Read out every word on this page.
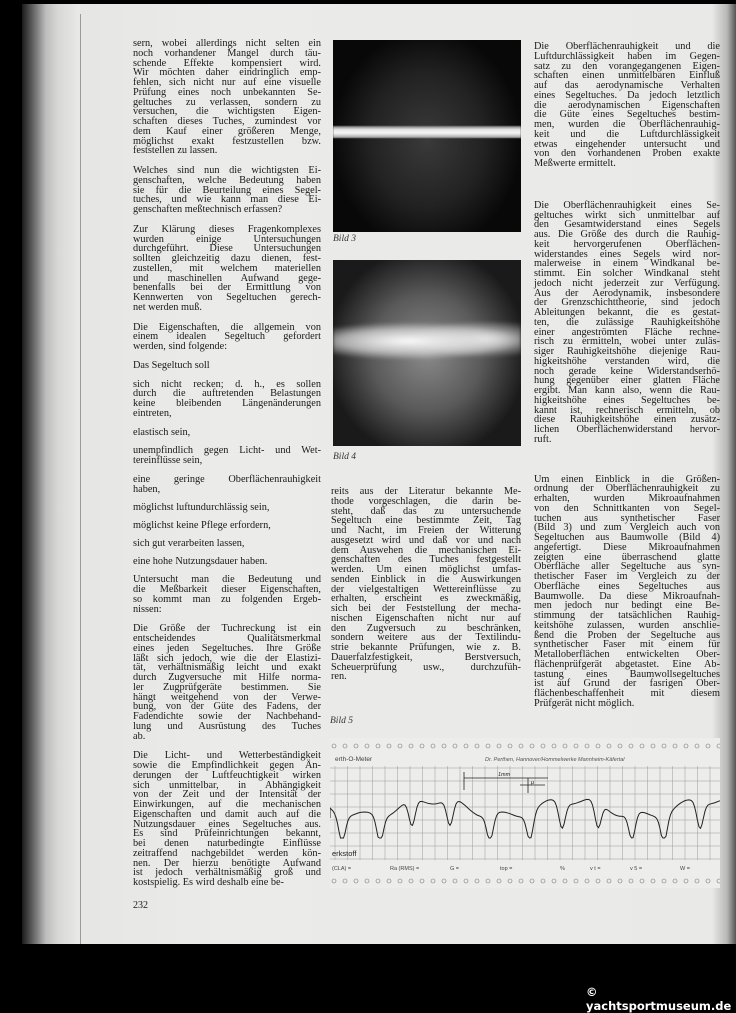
sern, wobei allerdings nicht selten ein
noch vorhandener Mangel durch täu-
schende Effekte kompensiert wird.
Wir möchten daher eindringlich emp-
fehlen, sich nicht nur auf eine visuelle
Prüfung eines noch unbekannten Se-
geltuches zu verlassen, sondern zu
versuchen, die wichtigsten Eigen-
schaften dieses Tuches, zumindest vor
dem Kauf einer größeren Menge,
möglichst exakt festzustellen bzw.
feststellen zu lassen.
Welches sind nun die wichtigsten Ei-
genschaften, welche Bedeutung haben
sie für die Beurteilung eines Segel-
tuches, und wie kann man diese Ei-
genschaften meßtechnisch erfassen?
Zur Klärung dieses Fragenkomplexes
wurden einige Untersuchungen
durchgeführt. Diese Untersuchungen
sollten gleichzeitig dazu dienen, fest-
zustellen, mit welchem materiellen
und maschinellen Aufwand gege-
benenfalls bei der Ermittlung von
Kennwerten von Segeltuchen gerech-
net werden muß.
Die Eigenschaften, die allgemein von
einem idealen Segeltuch gefordert
werden, sind folgende:
Das Segeltuch soll
sich nicht recken; d. h., es sollen
durch die auftretenden Belastungen
keine bleibenden Längenänderungen
eintreten,
elastisch sein,
unempfindlich gegen Licht- und Wet-
tereinflüsse sein,
eine geringe Oberflächenrauhigkeit
haben,
möglichst luftundurchlässig sein,
möglichst keine Pflege erfordern,
sich gut verarbeiten lassen,
eine hohe Nutzungsdauer haben.
Untersucht man die Bedeutung und
die Meßbarkeit dieser Eigenschaften,
so kommt man zu folgenden Ergeb-
nissen:
Die Größe der Tuchreckung ist ein
entscheidendes Qualitätsmerkmal
eines jeden Segeltuches. Ihre Größe
läßt sich jedoch, wie die der Elastizi-
tät, verhältnismäßig leicht und exakt
durch Zugversuche mit Hilfe norma-
ler Zugprüfgeräte bestimmen. Sie
hängt weitgehend von der Verwe-
bung, von der Güte des Fadens, der
Fadendichte sowie der Nachbehand-
lung und Ausrüstung des Tuches
ab.
Die Licht- und Wetterbeständigkeit
sowie die Empfindlichkeit gegen Än-
derungen der Luftfeuchtigkeit wirken
sich unmittelbar, in Abhängigkeit
von der Zeit und der Intensität der
Einwirkungen, auf die mechanischen
Eigenschaften und damit auch auf die
Nutzungsdauer eines Segeltuches aus.
Es sind Prüfeinrichtungen bekannt,
bei denen naturbedingte Einflüsse
zeitraffend nachgebildet werden kön-
nen. Der hierzu benötigte Aufwand
ist jedoch verhältnismäßig groß und
kostspielig. Es wird deshalb eine be-
Bild 3
Bild 4
reits aus der Literatur bekannte Me-
thode vorgeschlagen, die darin be-
steht, daß das zu untersuchende
Segeltuch eine bestimmte Zeit, Tag
und Nacht, im Freien der Witterung
ausgesetzt wird und daß vor und nach
dem Auswehen die mechanischen Ei-
genschaften des Tuches festgestellt
werden. Um einen möglichst umfas-
senden Einblick in die Auswirkungen
der vielgestaltigen Wettereinflüsse zu
erhalten, erscheint es zweckmäßig,
sich bei der Feststellung der mecha-
nischen Eigenschaften nicht nur auf
den Zugversuch zu beschränken,
sondern weitere aus der Textilindu-
strie bekannte Prüfungen, wie z. B.
Dauerfalzfestigkeit, Berstversuch,
Scheuerprüfung usw., durchzufüh-
ren.
Bild 5
erth-O-Meter	Dr. Perthen, Hannover/Hommelwerke Mannheim-Käfertal
1mm
μ
erkstoff
(CLA) =	Ra (RMS) =	G =	top =	%	v t =	v 5 =	W =
Die Oberflächenrauhigkeit und die
Luftdurchlässigkeit haben im Gegen-
satz zu den vorangegangenen Eigen-
schaften einen unmittelbaren Einfluß
auf das aerodynamische Verhalten
eines Segeltuches. Da jedoch letztlich
die aerodynamischen Eigenschaften
die Güte eines Segeltuches bestim-
men, wurden die Oberflächenrauhig-
keit und die Luftdurchlässigkeit
etwas eingehender untersucht und
von den vorhandenen Proben exakte
Meßwerte ermittelt.
Die Oberflächenrauhigkeit eines Se-
geltuches wirkt sich unmittelbar auf
den Gesamtwiderstand eines Segels
aus. Die Größe des durch die Rauhig-
keit hervorgerufenen Oberflächen-
widerstandes eines Segels wird nor-
malerweise in einem Windkanal be-
stimmt. Ein solcher Windkanal steht
jedoch nicht jederzeit zur Verfügung.
Aus der Aerodynamik, insbesondere
der Grenzschichttheorie, sind jedoch
Ableitungen bekannt, die es gestat-
ten, die zulässige Rauhigkeitshöhe
einer angeströmten Fläche rechne-
risch zu ermitteln, wobei unter zuläs-
siger Rauhigkeitshöhe diejenige Rau-
higkeitshöhe verstanden wird, die
noch gerade keine Widerstandserhö-
hung gegenüber einer glatten Fläche
ergibt. Man kann also, wenn die Rau-
higkeitshöhe eines Segeltuches be-
kannt ist, rechnerisch ermitteln, ob
diese Rauhigkeitshöhe einen zusätz-
lichen Oberflächenwiderstand hervor-
ruft.
Um einen Einblick in die Größen-
ordnung der Oberflächenrauhigkeit zu
erhalten, wurden Mikroaufnahmen
von den Schnittkanten von Segel-
tuchen aus synthetischer Faser
(Bild 3) und zum Vergleich auch von
Segeltuchen aus Baumwolle (Bild 4)
angefertigt. Diese Mikroaufnahmen
zeigten eine überraschend glatte
Oberfläche aller Segeltuche aus syn-
thetischer Faser im Vergleich zu der
Oberfläche eines Segeltuches aus
Baumwolle. Da diese Mikroaufnah-
men jedoch nur bedingt eine Be-
stimmung der tatsächlichen Rauhig-
keitshöhe zulassen, wurden anschlie-
ßend die Proben der Segeltuche aus
synthetischer Faser mit einem für
Metalloberflächen entwickelten Ober-
flächenprüfgerät abgetastet. Eine Ab-
tastung eines Baumwollsegeltuches
ist auf Grund der fasrigen Ober-
flächenbeschaffenheit mit diesem
Prüfgerät nicht möglich.
232
© yachtsportmuseum.de
